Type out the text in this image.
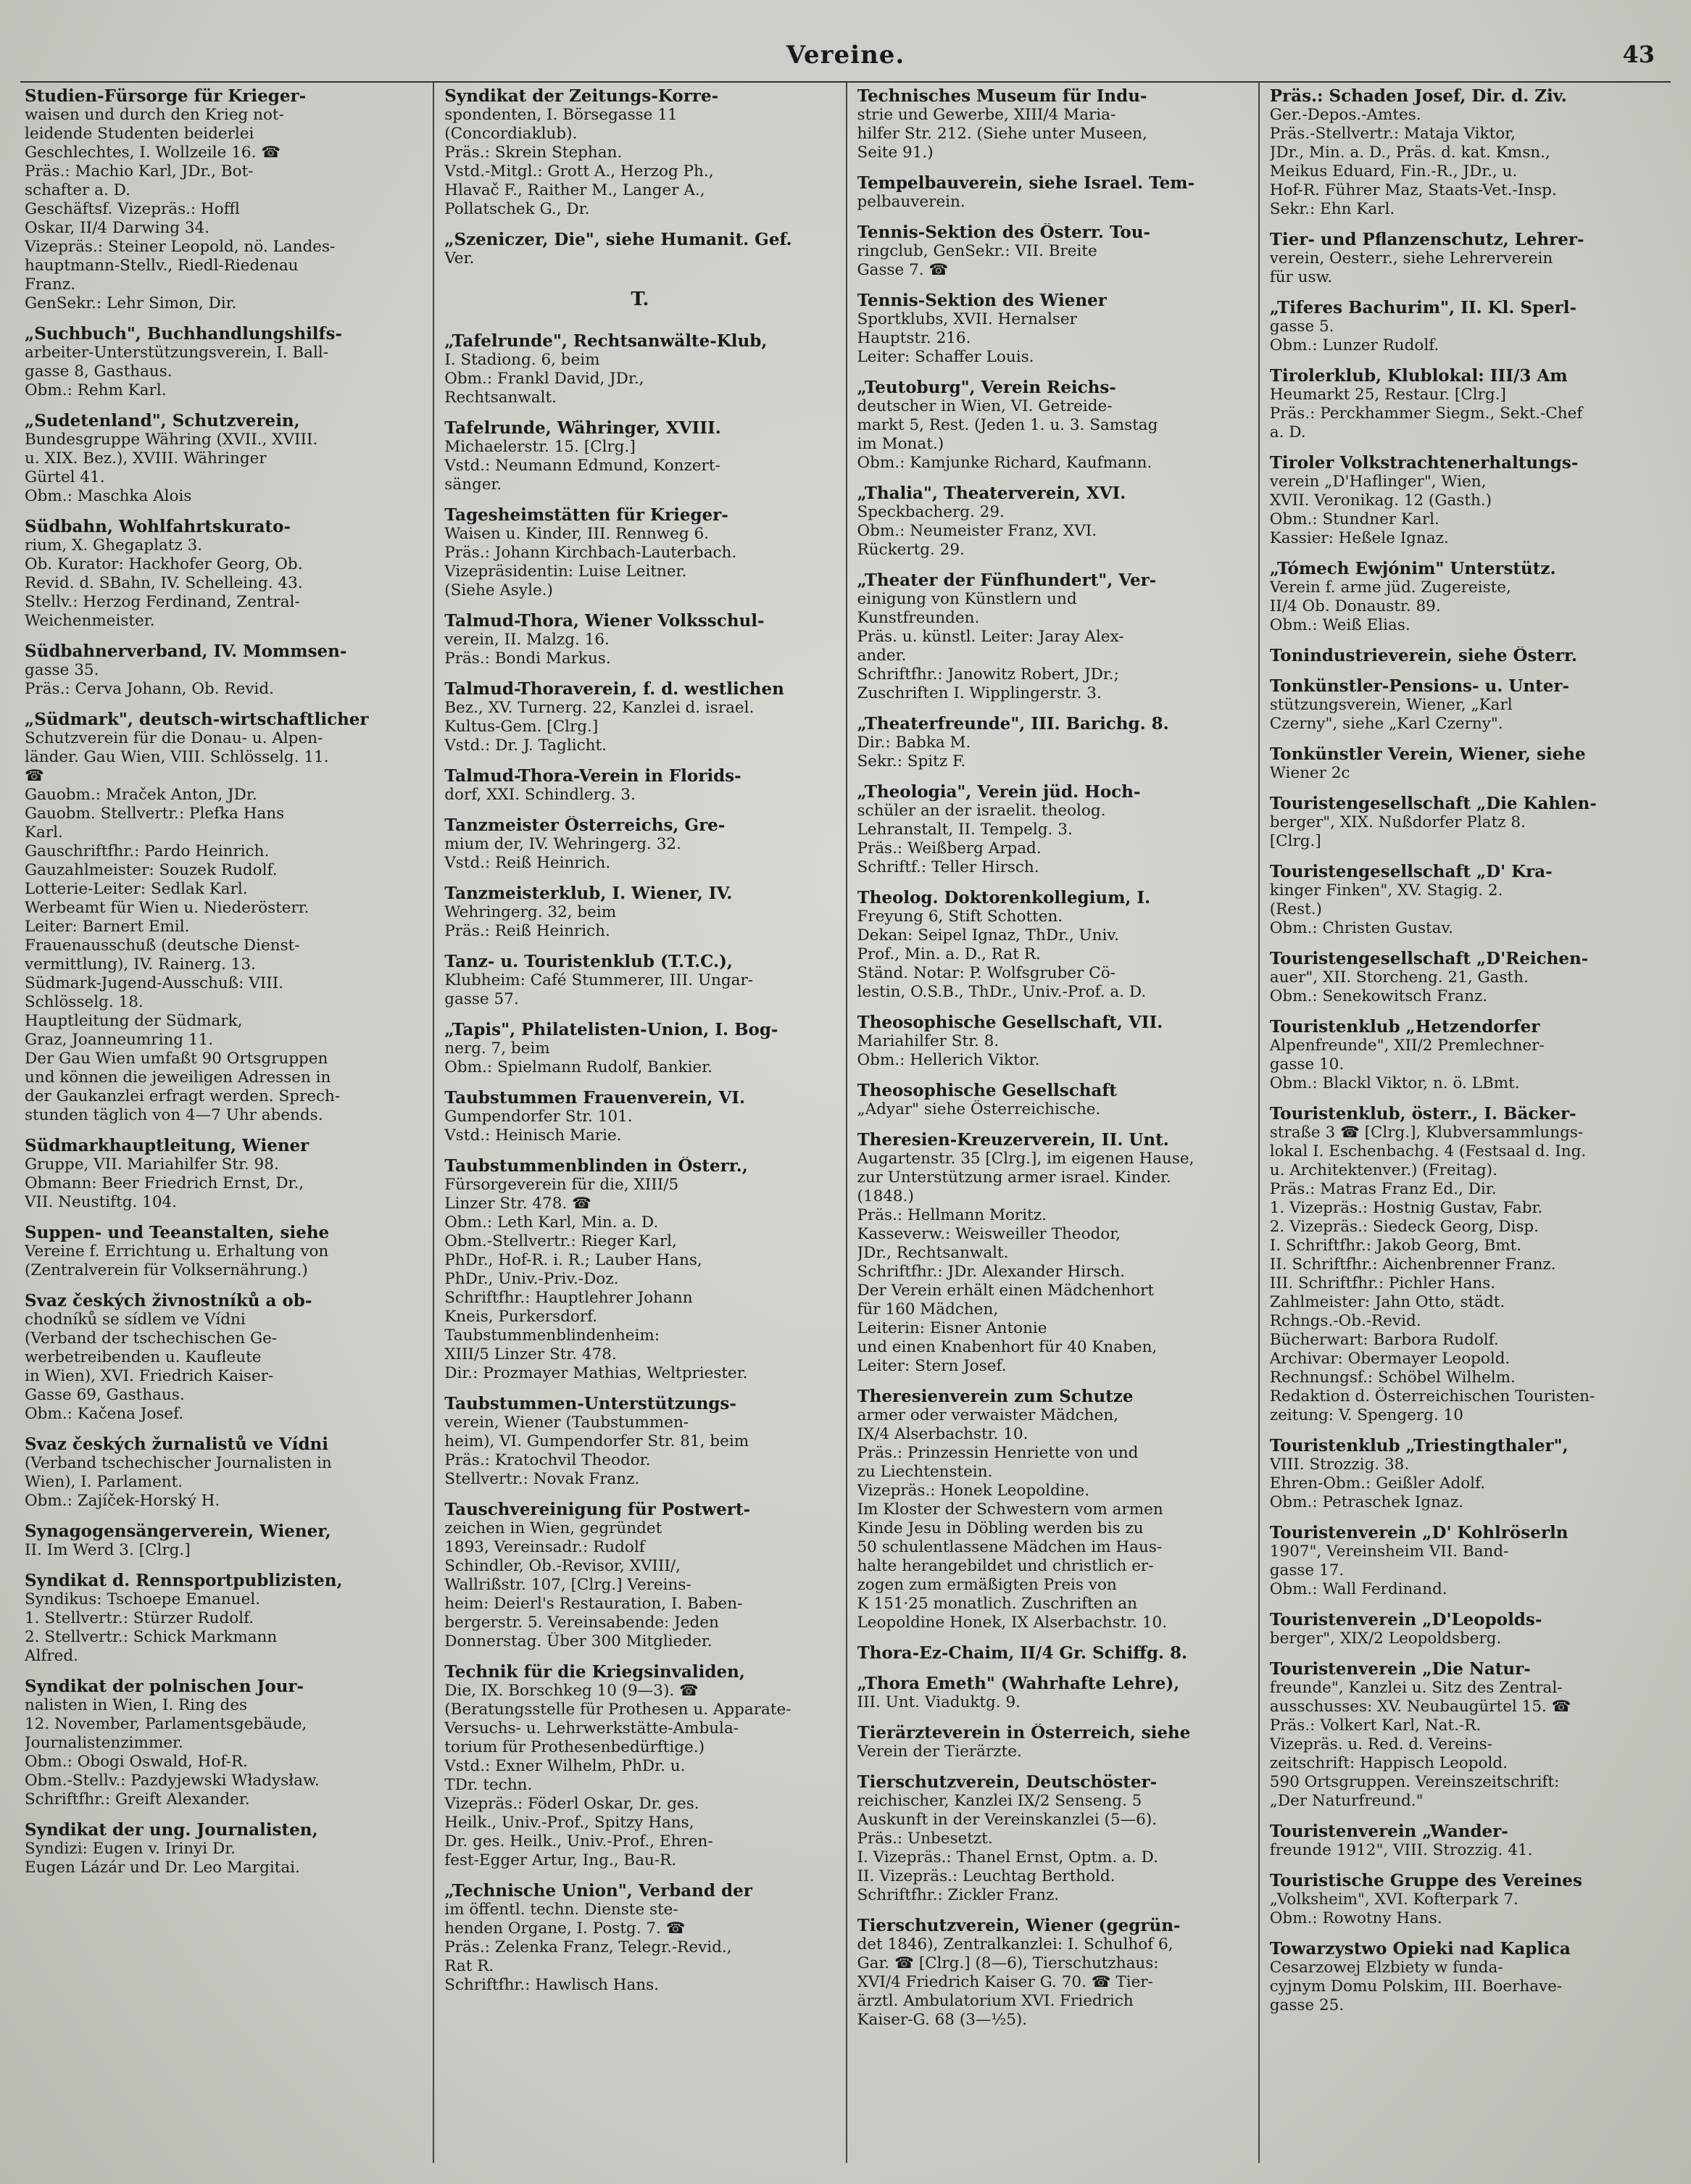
Vereine.	43
Studien-Fürsorge für Krieger-
waisen und durch den Krieg not-
leidende Studenten beiderlei
Geschlechtes, I. Wollzeile 16. ☎
Präs.: Machio Karl, JDr., Bot-
schafter a. D.
Geschäftsf. Vizepräs.: Hoffl
Oskar, II/4 Darwing 34.
Vizepräs.: Steiner Leopold, nö. Landes-
hauptmann-Stellv., Riedl-Riedenau
Franz.
GenSekr.: Lehr Simon, Dir.
„Suchbuch", Buchhandlungshilfs-
arbeiter-Unterstützungsverein, I. Ball-
gasse 8, Gasthaus.
Obm.: Rehm Karl.
„Sudetenland", Schutzverein,
Bundesgruppe Währing (XVII., XVIII.
u. XIX. Bez.), XVIII. Währinger
Gürtel 41.
Obm.: Maschka Alois
Südbahn, Wohlfahrtskurato-
rium, X. Ghegaplatz 3.
Ob. Kurator: Hackhofer Georg, Ob.
Revid. d. SBahn, IV. Schelleing. 43.
Stellv.: Herzog Ferdinand, Zentral-
Weichenmeister.
Südbahnerverband, IV. Mommsen-
gasse 35.
Präs.: Cerva Johann, Ob. Revid.
„Südmark", deutsch-wirtschaftlicher
Schutzverein für die Donau- u. Alpen-
länder. Gau Wien, VIII. Schlösselg. 11.
☎
Gauobm.: Mraček Anton, JDr.
Gauobm. Stellvertr.: Plefka Hans
Karl.
Gauschriftfhr.: Pardo Heinrich.
Gauzahlmeister: Souzek Rudolf.
Lotterie-Leiter: Sedlak Karl.
Werbeamt für Wien u. Niederösterr.
Leiter: Barnert Emil.
Frauenausschuß (deutsche Dienst-
vermittlung), IV. Rainerg. 13.
Südmark-Jugend-Ausschuß: VIII.
Schlösselg. 18.
Hauptleitung der Südmark,
Graz, Joanneumring 11.
Der Gau Wien umfaßt 90 Ortsgruppen
und können die jeweiligen Adressen in
der Gaukanzlei erfragt werden. Sprech-
stunden täglich von 4—7 Uhr abends.
Südmarkhauptleitung, Wiener
Gruppe, VII. Mariahilfer Str. 98.
Obmann: Beer Friedrich Ernst, Dr.,
VII. Neustiftg. 104.
Suppen- und Teeanstalten, siehe
Vereine f. Errichtung u. Erhaltung von
(Zentralverein für Volksernährung.)
Svaz českých živnostníků a ob-
chodníků se sídlem ve Vídni
(Verband der tschechischen Ge-
werbetreibenden u. Kaufleute
in Wien), XVI. Friedrich Kaiser-
Gasse 69, Gasthaus.
Obm.: Kačena Josef.
Svaz českých žurnalistů ve Vídni
(Verband tschechischer Journalisten in
Wien), I. Parlament.
Obm.: Zajíček-Horský H.
Synagogensängerverein, Wiener,
II. Im Werd 3. [Clrg.]
Syndikat d. Rennsportpublizisten,
Syndikus: Tschoepe Emanuel.
1. Stellvertr.: Stürzer Rudolf.
2. Stellvertr.: Schick Markmann
Alfred.
Syndikat der polnischen Jour-
nalisten in Wien, I. Ring des
12. November, Parlamentsgebäude,
Journalistenzimmer.
Obm.: Obogi Oswald, Hof-R.
Obm.-Stellv.: Pazdyjewski Władysław.
Schriftfhr.: Greift Alexander.
Syndikat der ung. Journalisten,
Syndizi: Eugen v. Irinyi Dr.
Eugen Lázár und Dr. Leo Margitai.
Syndikat der Zeitungs-Korre-
spondenten, I. Börsegasse 11
(Concordiaklub).
Präs.: Skrein Stephan.
Vstd.-Mitgl.: Grott A., Herzog Ph.,
Hlavač F., Raither M., Langer A.,
Pollatschek G., Dr.
„Szeniczer, Die", siehe Humanit. Gef.
Ver.
T.
„Tafelrunde", Rechtsanwälte-Klub,
I. Stadiong. 6, beim
Obm.: Frankl David, JDr.,
Rechtsanwalt.
Tafelrunde, Währinger, XVIII.
Michaelerstr. 15. [Clrg.]
Vstd.: Neumann Edmund, Konzert-
sänger.
Tagesheimstätten für Krieger-
Waisen u. Kinder, III. Rennweg 6.
Präs.: Johann Kirchbach-Lauterbach.
Vizepräsidentin: Luise Leitner.
(Siehe Asyle.)
Talmud-Thora, Wiener Volksschul-
verein, II. Malzg. 16.
Präs.: Bondi Markus.
Talmud-Thoraverein, f. d. westlichen
Bez., XV. Turnerg. 22, Kanzlei d. israel.
Kultus-Gem. [Clrg.]
Vstd.: Dr. J. Taglicht.
Talmud-Thora-Verein in Florids-
dorf, XXI. Schindlerg. 3.
Tanzmeister Österreichs, Gre-
mium der, IV. Wehringerg. 32.
Vstd.: Reiß Heinrich.
Tanzmeisterklub, I. Wiener, IV.
Wehringerg. 32, beim
Präs.: Reiß Heinrich.
Tanz- u. Touristenklub (T.T.C.),
Klubheim: Café Stummerer, III. Ungar-
gasse 57.
„Tapis", Philatelisten-Union, I. Bog-
nerg. 7, beim
Obm.: Spielmann Rudolf, Bankier.
Taubstummen Frauenverein, VI.
Gumpendorfer Str. 101.
Vstd.: Heinisch Marie.
Taubstummenblinden in Österr.,
Fürsorgeverein für die, XIII/5
Linzer Str. 478. ☎
Obm.: Leth Karl, Min. a. D.
Obm.-Stellvertr.: Rieger Karl,
PhDr., Hof-R. i. R.; Lauber Hans,
PhDr., Univ.-Priv.-Doz.
Schriftfhr.: Hauptlehrer Johann
Kneis, Purkersdorf.
Taubstummenblindenheim:
XIII/5 Linzer Str. 478.
Dir.: Prozmayer Mathias, Weltpriester.
Taubstummen-Unterstützungs-
verein, Wiener (Taubstummen-
heim), VI. Gumpendorfer Str. 81, beim
Präs.: Kratochvil Theodor.
Stellvertr.: Novak Franz.
Tauschvereinigung für Postwert-
zeichen in Wien, gegründet
1893, Vereinsadr.: Rudolf
Schindler, Ob.-Revisor, XVIII/,
Wallrißstr. 107, [Clrg.] Vereins-
heim: Deierl's Restauration, I. Baben-
bergerstr. 5. Vereinsabende: Jeden
Donnerstag. Über 300 Mitglieder.
Technik für die Kriegsinvaliden,
Die, IX. Borschkeg 10 (9—3). ☎
(Beratungsstelle für Prothesen u. Apparate-
Versuchs- u. Lehrwerkstätte-Ambula-
torium für Prothesenbedürftige.)
Vstd.: Exner Wilhelm, PhDr. u.
TDr. techn.
Vizepräs.: Föderl Oskar, Dr. ges.
Heilk., Univ.-Prof., Spitzy Hans,
Dr. ges. Heilk., Univ.-Prof., Ehren-
fest-Egger Artur, Ing., Bau-R.
„Technische Union", Verband der
im öffentl. techn. Dienste ste-
henden Organe, I. Postg. 7. ☎
Präs.: Zelenka Franz, Telegr.-Revid.,
Rat R.
Schriftfhr.: Hawlisch Hans.
Technisches Museum für Indu-
strie und Gewerbe, XIII/4 Maria-
hilfer Str. 212. (Siehe unter Museen,
Seite 91.)
Tempelbauverein, siehe Israel. Tem-
pelbauverein.
Tennis-Sektion des Österr. Tou-
ringclub, GenSekr.: VII. Breite
Gasse 7. ☎
Tennis-Sektion des Wiener
Sportklubs, XVII. Hernalser
Hauptstr. 216.
Leiter: Schaffer Louis.
„Teutoburg", Verein Reichs-
deutscher in Wien, VI. Getreide-
markt 5, Rest. (Jeden 1. u. 3. Samstag
im Monat.)
Obm.: Kamjunke Richard, Kaufmann.
„Thalia", Theaterverein, XVI.
Speckbacherg. 29.
Obm.: Neumeister Franz, XVI.
Rückertg. 29.
„Theater der Fünfhundert", Ver-
einigung von Künstlern und
Kunstfreunden.
Präs. u. künstl. Leiter: Jaray Alex-
ander.
Schriftfhr.: Janowitz Robert, JDr.;
Zuschriften I. Wipplingerstr. 3.
„Theaterfreunde", III. Barichg. 8.
Dir.: Babka M.
Sekr.: Spitz F.
„Theologia", Verein jüd. Hoch-
schüler an der israelit. theolog.
Lehranstalt, II. Tempelg. 3.
Präs.: Weißberg Arpad.
Schriftf.: Teller Hirsch.
Theolog. Doktorenkollegium, I.
Freyung 6, Stift Schotten.
Dekan: Seipel Ignaz, ThDr., Univ.
Prof., Min. a. D., Rat R.
Ständ. Notar: P. Wolfsgruber Cö-
lestin, O.S.B., ThDr., Univ.-Prof. a. D.
Theosophische Gesellschaft, VII.
Mariahilfer Str. 8.
Obm.: Hellerich Viktor.
Theosophische Gesellschaft
„Adyar" siehe Österreichische.
Theresien-Kreuzerverein, II. Unt.
Augartenstr. 35 [Clrg.], im eigenen Hause,
zur Unterstützung armer israel. Kinder.
(1848.)
Präs.: Hellmann Moritz.
Kasseverw.: Weisweiller Theodor,
JDr., Rechtsanwalt.
Schriftfhr.: JDr. Alexander Hirsch.
Der Verein erhält einen Mädchenhort
für 160 Mädchen,
Leiterin: Eisner Antonie
und einen Knabenhort für 40 Knaben,
Leiter: Stern Josef.
Theresienverein zum Schutze
armer oder verwaister Mädchen,
IX/4 Alserbachstr. 10.
Präs.: Prinzessin Henriette von und
zu Liechtenstein.
Vizepräs.: Honek Leopoldine.
Im Kloster der Schwestern vom armen
Kinde Jesu in Döbling werden bis zu
50 schulentlassene Mädchen im Haus-
halte herangebildet und christlich er-
zogen zum ermäßigten Preis von
K 151·25 monatlich. Zuschriften an
Leopoldine Honek, IX Alserbachstr. 10.
Thora-Ez-Chaim, II/4 Gr. Schiffg. 8.
„Thora Emeth" (Wahrhafte Lehre),
III. Unt. Viaduktg. 9.
Tierärzteverein in Österreich, siehe
Verein der Tierärzte.
Tierschutzverein, Deutschöster-
reichischer, Kanzlei IX/2 Senseng. 5
Auskunft in der Vereinskanzlei (5—6).
Präs.: Unbesetzt.
I. Vizepräs.: Thanel Ernst, Optm. a. D.
II. Vizepräs.: Leuchtag Berthold.
Schriftfhr.: Zickler Franz.
Tierschutzverein, Wiener (gegrün-
det 1846), Zentralkanzlei: I. Schulhof 6,
Gar. ☎ [Clrg.] (8—6), Tierschutzhaus:
XVI/4 Friedrich Kaiser G. 70. ☎ Tier-
ärztl. Ambulatorium XVI. Friedrich
Kaiser-G. 68 (3—½5).
Präs.: Schaden Josef, Dir. d. Ziv.
Ger.-Depos.-Amtes.
Präs.-Stellvertr.: Mataja Viktor,
JDr., Min. a. D., Präs. d. kat. Kmsn.,
Meikus Eduard, Fin.-R., JDr., u.
Hof-R. Führer Maz, Staats-Vet.-Insp.
Sekr.: Ehn Karl.
Tier- und Pflanzenschutz, Lehrer-
verein, Oesterr., siehe Lehrerverein
für usw.
„Tiferes Bachurim", II. Kl. Sperl-
gasse 5.
Obm.: Lunzer Rudolf.
Tirolerklub, Klublokal: III/3 Am
Heumarkt 25, Restaur. [Clrg.]
Präs.: Perckhammer Siegm., Sekt.-Chef
a. D.
Tiroler Volkstrachtenerhaltungs-
verein „D'Haflinger", Wien,
XVII. Veronikag. 12 (Gasth.)
Obm.: Stundner Karl.
Kassier: Heßele Ignaz.
„Tómech Ewjónim" Unterstütz.
Verein f. arme jüd. Zugereiste,
II/4 Ob. Donaustr. 89.
Obm.: Weiß Elias.
Tonindustrieverein, siehe Österr.
Tonkünstler-Pensions- u. Unter-
stützungsverein, Wiener, „Karl
Czerny", siehe „Karl Czerny".
Tonkünstler Verein, Wiener, siehe
Wiener 2c
Touristengesellschaft „Die Kahlen-
berger", XIX. Nußdorfer Platz 8.
[Clrg.]
Touristengesellschaft „D' Kra-
kinger Finken", XV. Stagig. 2.
(Rest.)
Obm.: Christen Gustav.
Touristengesellschaft „D'Reichen-
auer", XII. Storcheng. 21, Gasth.
Obm.: Senekowitsch Franz.
Touristenklub „Hetzendorfer
Alpenfreunde", XII/2 Premlechner-
gasse 10.
Obm.: Blackl Viktor, n. ö. LBmt.
Touristenklub, österr., I. Bäcker-
straße 3 ☎ [Clrg.], Klubversammlungs-
lokal I. Eschenbachg. 4 (Festsaal d. Ing.
u. Architektenver.) (Freitag).
Präs.: Matras Franz Ed., Dir.
1. Vizepräs.: Hostnig Gustav, Fabr.
2. Vizepräs.: Siedeck Georg, Disp.
I. Schriftfhr.: Jakob Georg, Bmt.
II. Schriftfhr.: Aichenbrenner Franz.
III. Schriftfhr.: Pichler Hans.
Zahlmeister: Jahn Otto, städt.
Rchngs.-Ob.-Revid.
Bücherwart: Barbora Rudolf.
Archivar: Obermayer Leopold.
Rechnungsf.: Schöbel Wilhelm.
Redaktion d. Österreichischen Touristen-
zeitung: V. Spengerg. 10
Touristenklub „Triestingthaler",
VIII. Strozzig. 38.
Ehren-Obm.: Geißler Adolf.
Obm.: Petraschek Ignaz.
Touristenverein „D' Kohlröserln
1907", Vereinsheim VII. Band-
gasse 17.
Obm.: Wall Ferdinand.
Touristenverein „D'Leopolds-
berger", XIX/2 Leopoldsberg.
Touristenverein „Die Natur-
freunde", Kanzlei u. Sitz des Zentral-
ausschusses: XV. Neubaugürtel 15. ☎
Präs.: Volkert Karl, Nat.-R.
Vizepräs. u. Red. d. Vereins-
zeitschrift: Happisch Leopold.
590 Ortsgruppen. Vereinszeitschrift:
„Der Naturfreund."
Touristenverein „Wander-
freunde 1912", VIII. Strozzig. 41.
Touristische Gruppe des Vereines
„Volksheim", XVI. Kofterpark 7.
Obm.: Rowotny Hans.
Towarzystwo Opieki nad Kaplica
Cesarzowej Elzbiety w funda-
cyjnym Domu Polskim, III. Boerhave-
gasse 25.
